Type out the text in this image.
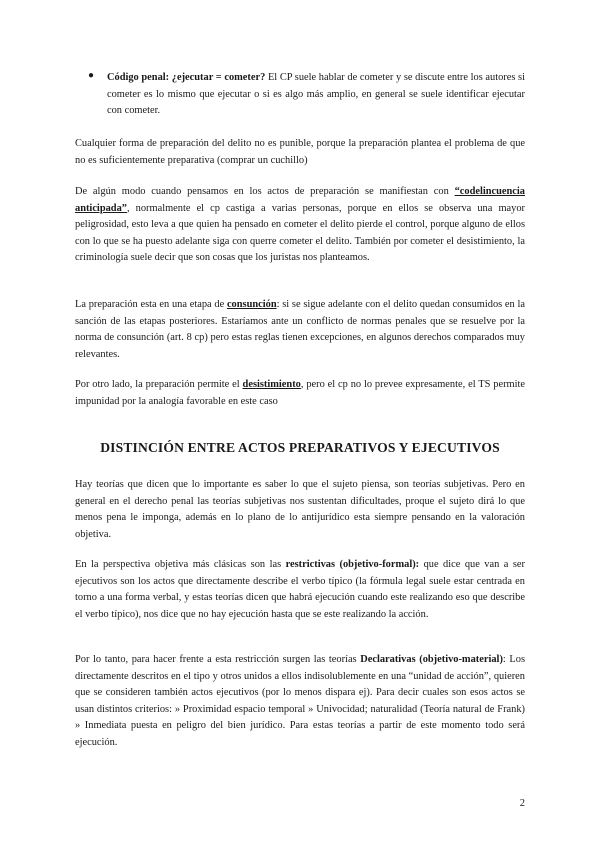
●	Código penal: ¿ejecutar = cometer? El CP suele hablar de cometer y se discute entre los autores si cometer es lo mismo que ejecutar o si es algo más amplio, en general se suele identificar ejecutar con cometer.

Cualquier forma de preparación del delito no es punible, porque la preparación plantea el problema de que no es suficientemente preparativa (comprar un cuchillo)

De algún modo cuando pensamos en los actos de preparación se manifiestan con “codelincuencia anticipada”, normalmente el cp castiga a varias personas, porque en ellos se observa una mayor peligrosidad, esto leva a que quien ha pensado en cometer el delito pierde el control, porque alguno de ellos con lo que se ha puesto adelante siga con querre cometer el delito. También por cometer el desistimiento, la criminología suele decir que son cosas que los juristas nos planteamos.

La preparación esta en una etapa de consunción: si se sigue adelante con el delito quedan consumidos en la sanción de las etapas posteriores. Estaríamos ante un conflicto de normas penales que se resuelve por la norma de consunción (art. 8 cp) pero estas reglas tienen excepciones, en algunos derechos comparados muy relevantes.

Por otro lado, la preparación permite el desistimiento, pero el cp no lo prevee expresamente, el TS permite impunidad por la analogía favorable en este caso

DISTINCIÓN ENTRE ACTOS PREPARATIVOS Y EJECUTIVOS

Hay teorías que dicen que lo importante es saber lo que el sujeto piensa, son teorías subjetivas. Pero en general en el derecho penal las teorías subjetivas nos sustentan dificultades, proque el sujeto dirá lo que menos pena le imponga, además en lo plano de lo antijurídico esta siempre pensando en la valoración objetiva.

En la perspectiva objetiva más clásicas son las restrictivas (objetivo-formal): que dice que van a ser ejecutivos son los actos que directamente describe el verbo típico (la fórmula legal suele estar centrada en torno a una forma verbal, y estas teorías dicen que habrá ejecución cuando este realizando eso que describe el verbo típico), nos dice que no hay ejecución hasta que se este realizando la acción.

Por lo tanto, para hacer frente a esta restricción surgen las teorías Declarativas (objetivo-material): Los directamente descritos en el tipo y otros unidos a ellos indisolublemente en una “unidad de acción”, quieren que se consideren también actos ejecutivos (por lo menos dispara ej). Para decir cuales son esos actos se usan distintos criterios: » Proximidad espacio temporal » Univocidad; naturalidad (Teoría natural de Frank) » Inmediata puesta en peligro del bien jurídico. Para estas teorías a partir de este momento todo será ejecución.

2
